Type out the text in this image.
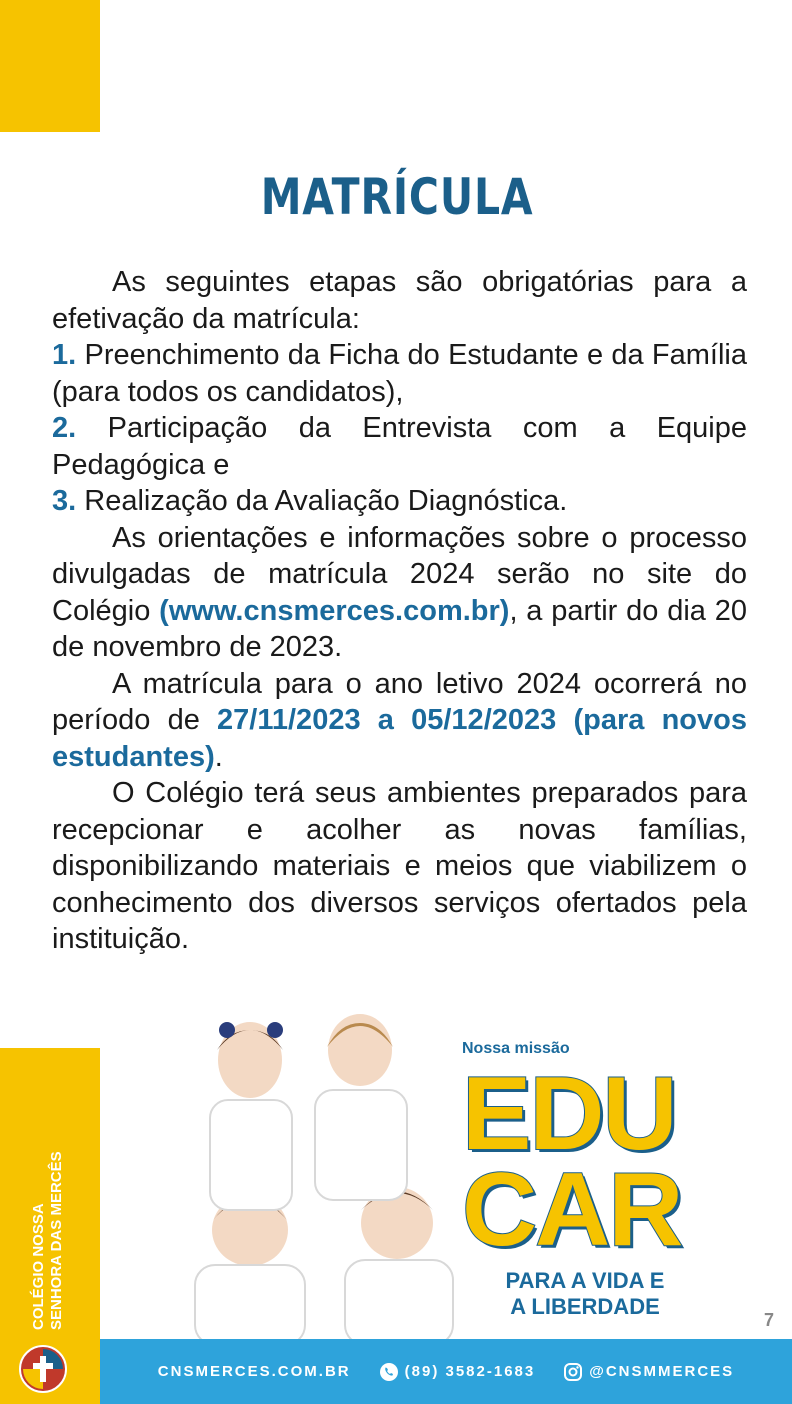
MATRÍCULA

As seguintes etapas são obrigatórias para a efetivação da matrícula:

1. Preenchimento da Ficha do Estudante e da Família (para todos os candidatos),

2. Participação da Entrevista com a Equipe Pedagógica e

3. Realização da Avaliação Diagnóstica.

As orientações e informações sobre o processo divulgadas de matrícula 2024 serão no site do Colégio (www.cnsmerces.com.br), a partir do dia 20 de novembro de 2023.

A matrícula para o ano letivo 2024 ocorrerá no período de 27/11/2023 a 05/12/2023 (para novos estudantes).

O Colégio terá seus ambientes preparados para recepcionar e acolher as novas famílias, disponibilizando materiais e meios que viabilizem o conhecimento dos diversos serviços ofertados pela instituição.

Nossa missão
EDU
CAR
PARA A VIDA E
A LIBERDADE
7
COLÉGIO NOSSA SENHORA DAS MERCÊS
CNSMERCES.COM.BR	(89) 3582-1683	@CNSMMERCES
